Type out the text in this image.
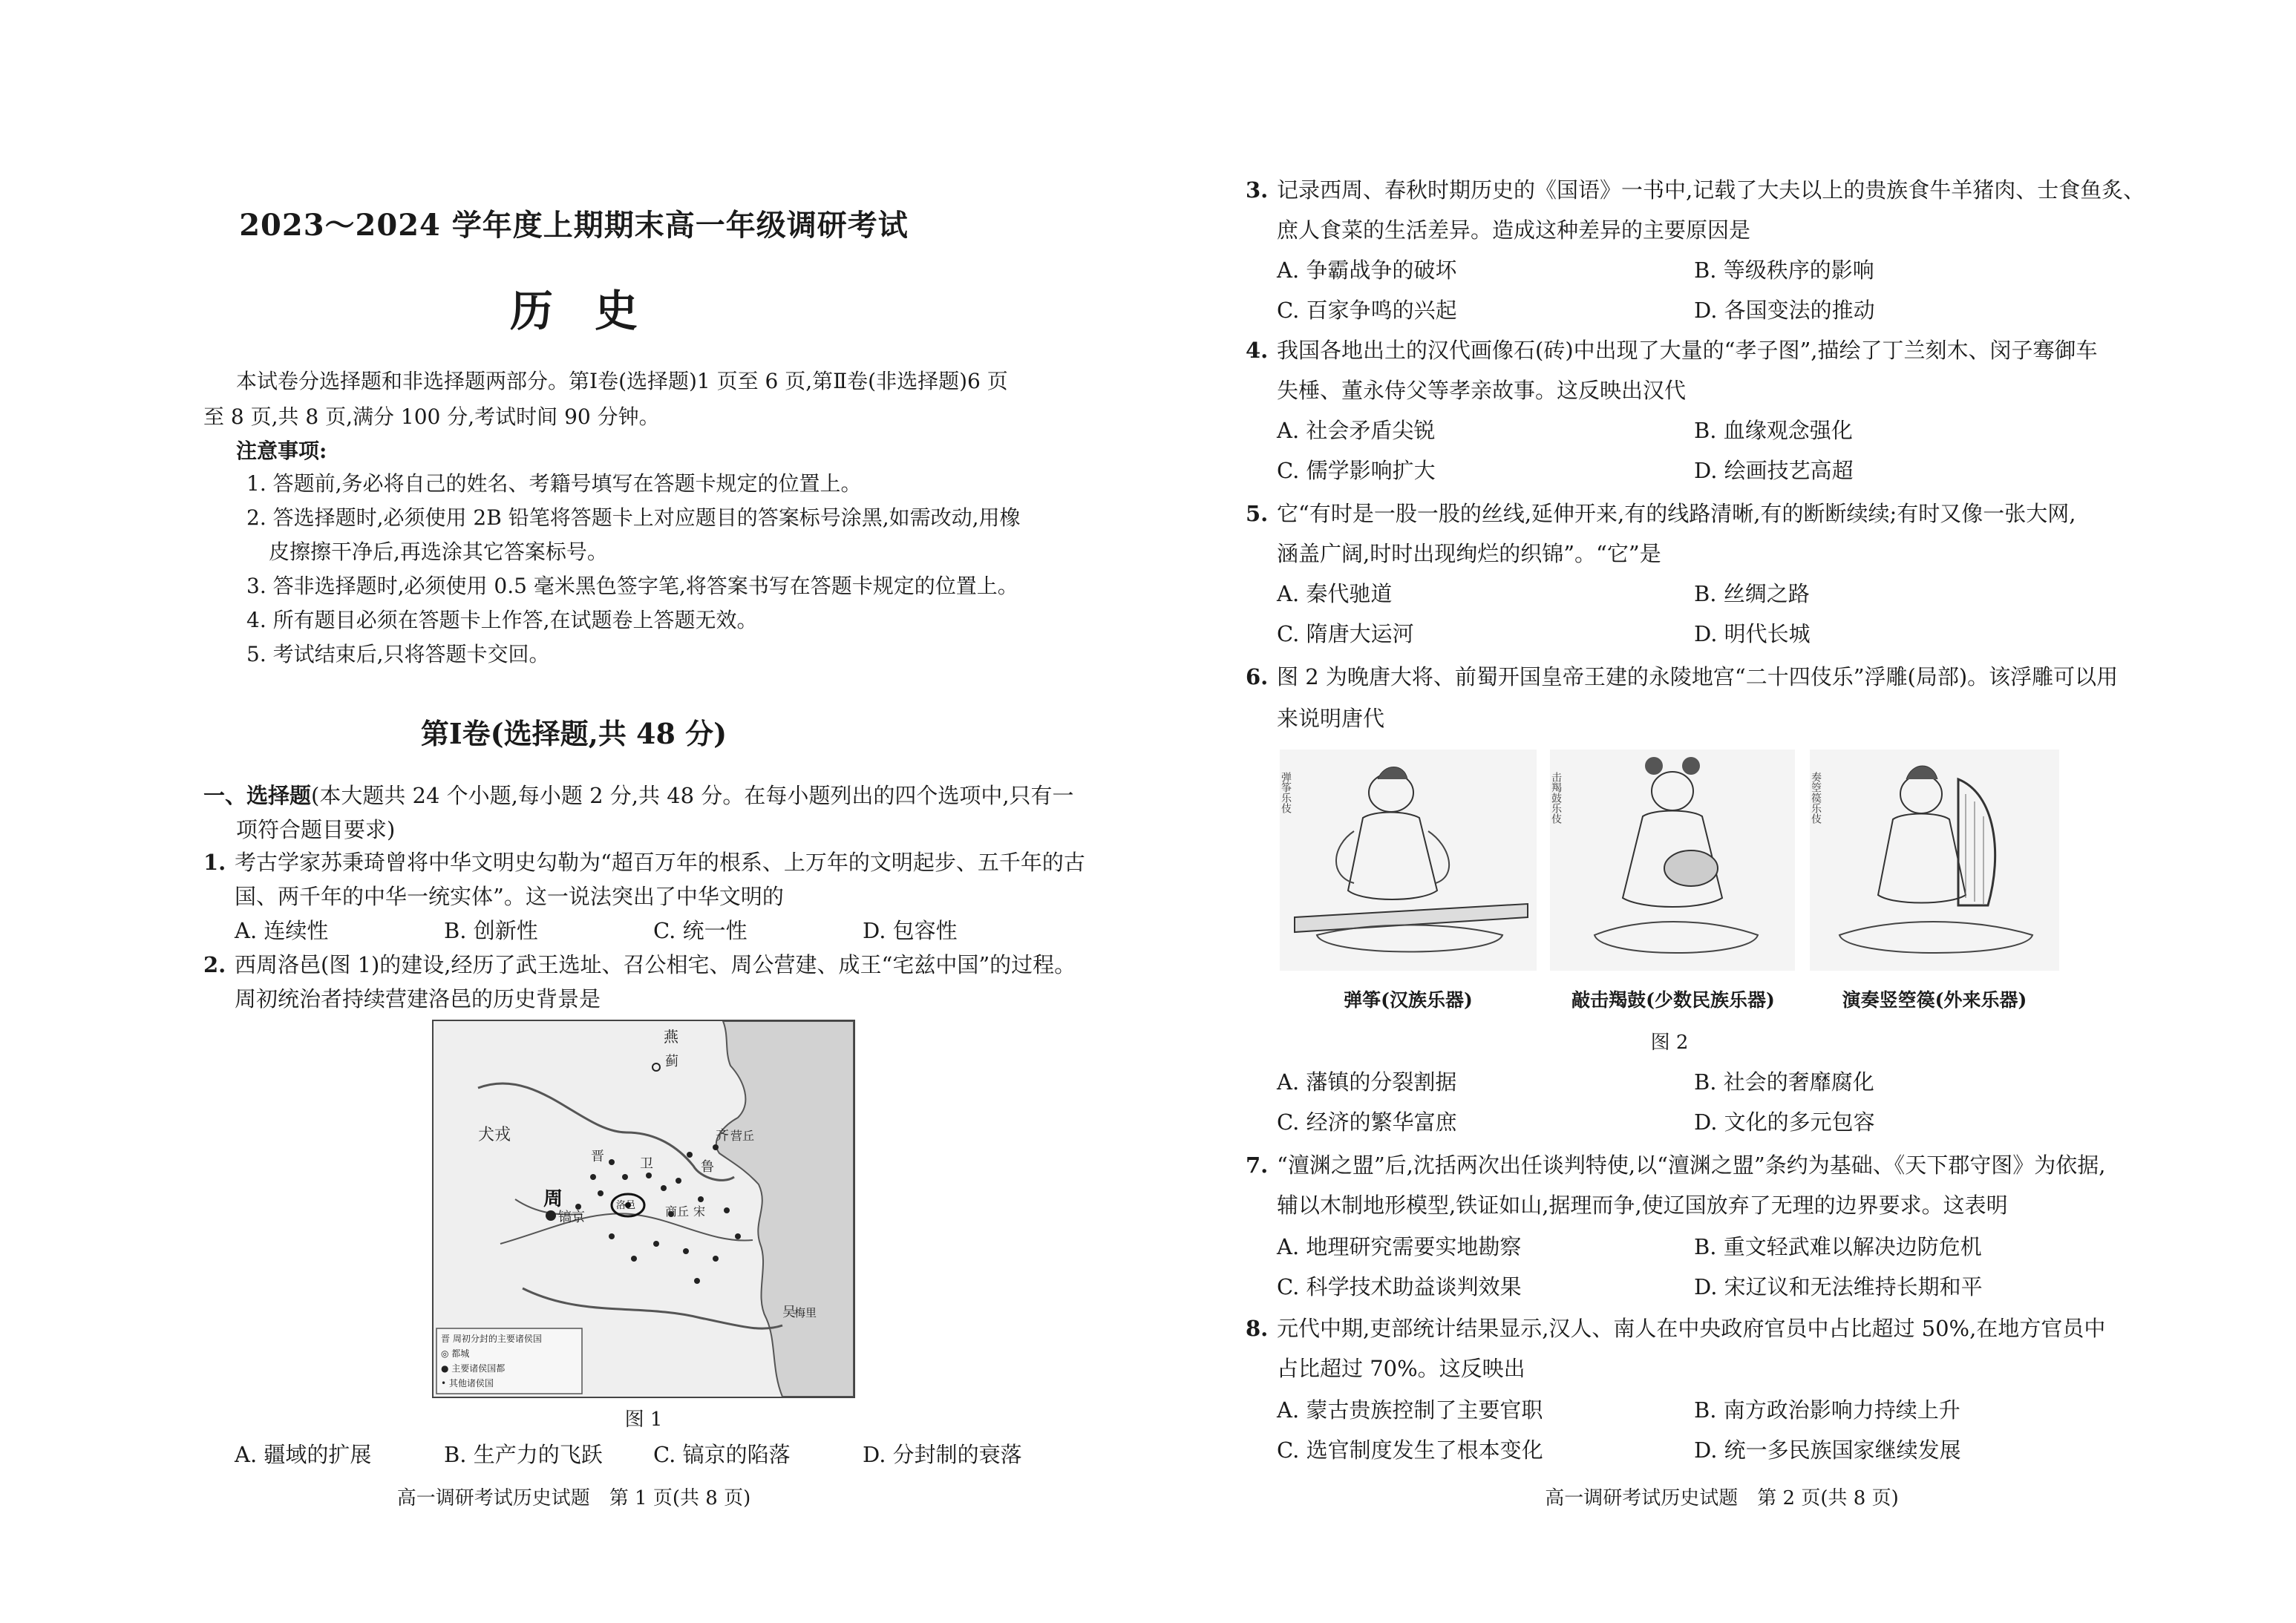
2023～2024 学年度上期期末高一年级调研考试
历史
本试卷分选择题和非选择题两部分。第Ⅰ卷(选择题)1 页至 6 页,第Ⅱ卷(非选择题)6 页
至 8 页,共 8 页,满分 100 分,考试时间 90 分钟。
注意事项:
1. 答题前,务必将自己的姓名、考籍号填写在答题卡规定的位置上。
2. 答选择题时,必须使用 2B 铅笔将答题卡上对应题目的答案标号涂黑,如需改动,用橡
皮擦擦干净后,再选涂其它答案标号。
3. 答非选择题时,必须使用 0.5 毫米黑色签字笔,将答案书写在答题卡规定的位置上。
4. 所有题目必须在答题卡上作答,在试题卷上答题无效。
5. 考试结束后,只将答题卡交回。
第Ⅰ卷(选择题,共 48 分)
一、选择题(本大题共 24 个小题,每小题 2 分,共 48 分。在每小题列出的四个选项中,只有一
项符合题目要求)
1. 考古学家苏秉琦曾将中华文明史勾勒为“超百万年的根系、上万年的文明起步、五千年的古
国、两千年的中华一统实体”。这一说法突出了中华文明的
A. 连续性	B. 创新性	C. 统一性	D. 包容性
2. 西周洛邑(图 1)的建设,经历了武王选址、召公相宅、周公营建、成王“宅兹中国”的过程。
周初统治者持续营建洛邑的历史背景是
燕
蓟
犬戎
周
镐京
洛邑
晋	卫
齐 营丘
鲁
商丘 宋
吴
梅里
晋 周初分封的主要诸侯国
◎ 都城
● 主要诸侯国都
• 其他诸侯国
图 1
A. 疆域的扩展	B. 生产力的飞跃 C. 镐京的陷落	D. 分封制的衰落
高一调研考试历史试题　第 1 页(共 8 页)
3. 记录西周、春秋时期历史的《国语》一书中,记载了大夫以上的贵族食牛羊猪肉、士食鱼炙、
庶人食菜的生活差异。造成这种差异的主要原因是
A. 争霸战争的破坏	B. 等级秩序的影响
C. 百家争鸣的兴起	D. 各国变法的推动
4. 我国各地出土的汉代画像石(砖)中出现了大量的“孝子图”,描绘了丁兰刻木、闵子骞御车
失棰、董永侍父等孝亲故事。这反映出汉代
A. 社会矛盾尖锐	B. 血缘观念强化
C. 儒学影响扩大	D. 绘画技艺高超
5. 它“有时是一股一股的丝线,延伸开来,有的线路清晰,有的断断续续;有时又像一张大网,
涵盖广阔,时时出现绚烂的织锦”。“它”是
A. 秦代驰道	B. 丝绸之路
C. 隋唐大运河	D. 明代长城
6. 图 2 为晚唐大将、前蜀开国皇帝王建的永陵地宫“二十四伎乐”浮雕(局部)。该浮雕可以用
来说明唐代
弹筝乐伎	击羯鼓乐伎	奏箜篌乐伎
弹筝(汉族乐器)	敲击羯鼓(少数民族乐器)	演奏竖箜篌(外来乐器)
图 2
A. 藩镇的分裂割据	B. 社会的奢靡腐化
C. 经济的繁华富庶	D. 文化的多元包容
7. “澶渊之盟”后,沈括两次出任谈判特使,以“澶渊之盟”条约为基础、《天下郡守图》为依据,
辅以木制地形模型,铁证如山,据理而争,使辽国放弃了无理的边界要求。这表明
A. 地理研究需要实地勘察	B. 重文轻武难以解决边防危机
C. 科学技术助益谈判效果	D. 宋辽议和无法维持长期和平
8. 元代中期,吏部统计结果显示,汉人、南人在中央政府官员中占比超过 50%,在地方官员中
占比超过 70%。这反映出
A. 蒙古贵族控制了主要官职	B. 南方政治影响力持续上升
C. 选官制度发生了根本变化	D. 统一多民族国家继续发展
高一调研考试历史试题　第 2 页(共 8 页)
